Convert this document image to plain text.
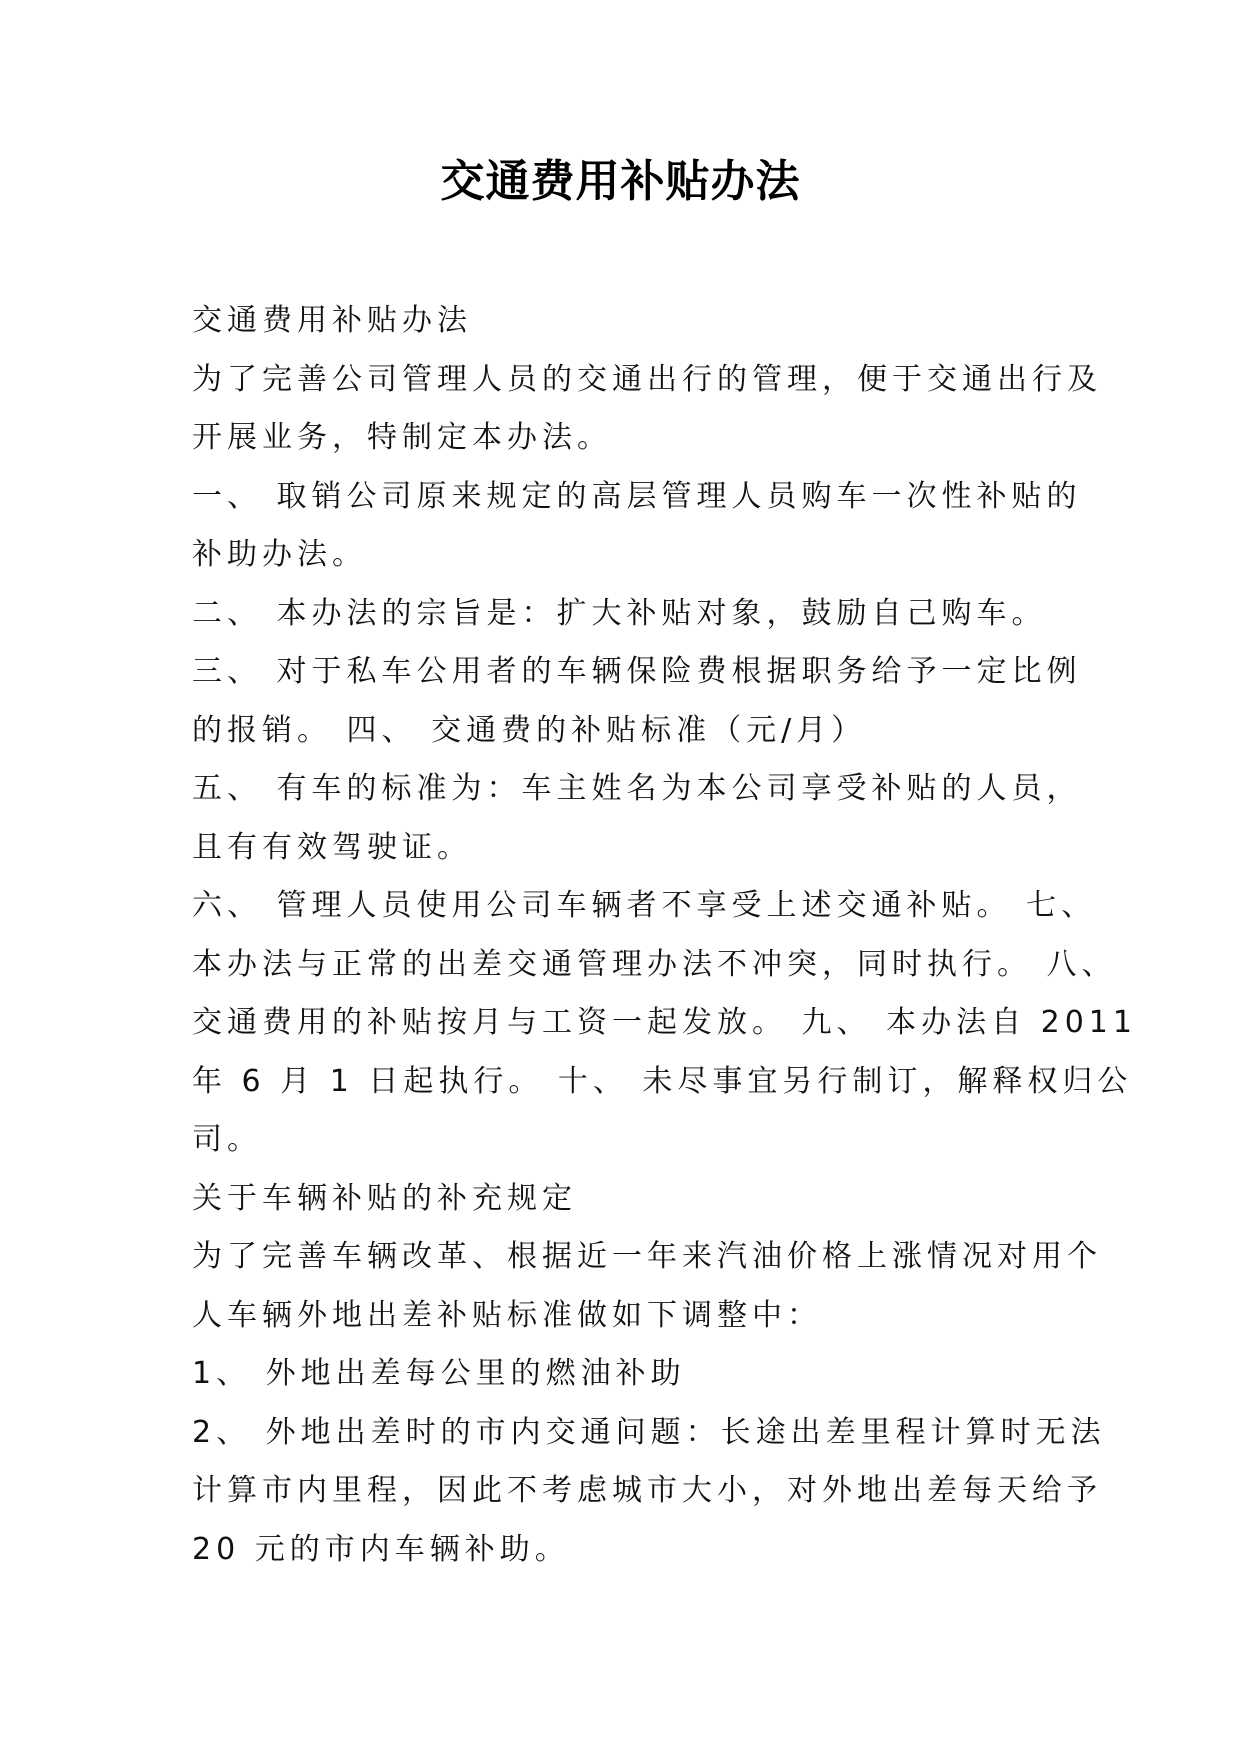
交通费用补贴办法
交通费用补贴办法
为了完善公司管理人员的交通出行的管理，便于交通出行及
开展业务，特制定本办法。
一、 取销公司原来规定的高层管理人员购车一次性补贴的
补助办法。
二、 本办法的宗旨是：扩大补贴对象，鼓励自己购车。
三、 对于私车公用者的车辆保险费根据职务给予一定比例
的报销。 四、 交通费的补贴标准（元/月）
五、 有车的标准为：车主姓名为本公司享受补贴的人员，
且有有效驾驶证。
六、 管理人员使用公司车辆者不享受上述交通补贴。 七、
本办法与正常的出差交通管理办法不冲突，同时执行。 八、
交通费用的补贴按月与工资一起发放。 九、 本办法自 2011
年 6 月 1 日起执行。 十、 未尽事宜另行制订，解释权归公
司。
关于车辆补贴的补充规定
为了完善车辆改革、根据近一年来汽油价格上涨情况对用个
人车辆外地出差补贴标准做如下调整中：
1、 外地出差每公里的燃油补助
2、 外地出差时的市内交通问题：长途出差里程计算时无法
计算市内里程，因此不考虑城市大小，对外地出差每天给予
20 元的市内车辆补助。
